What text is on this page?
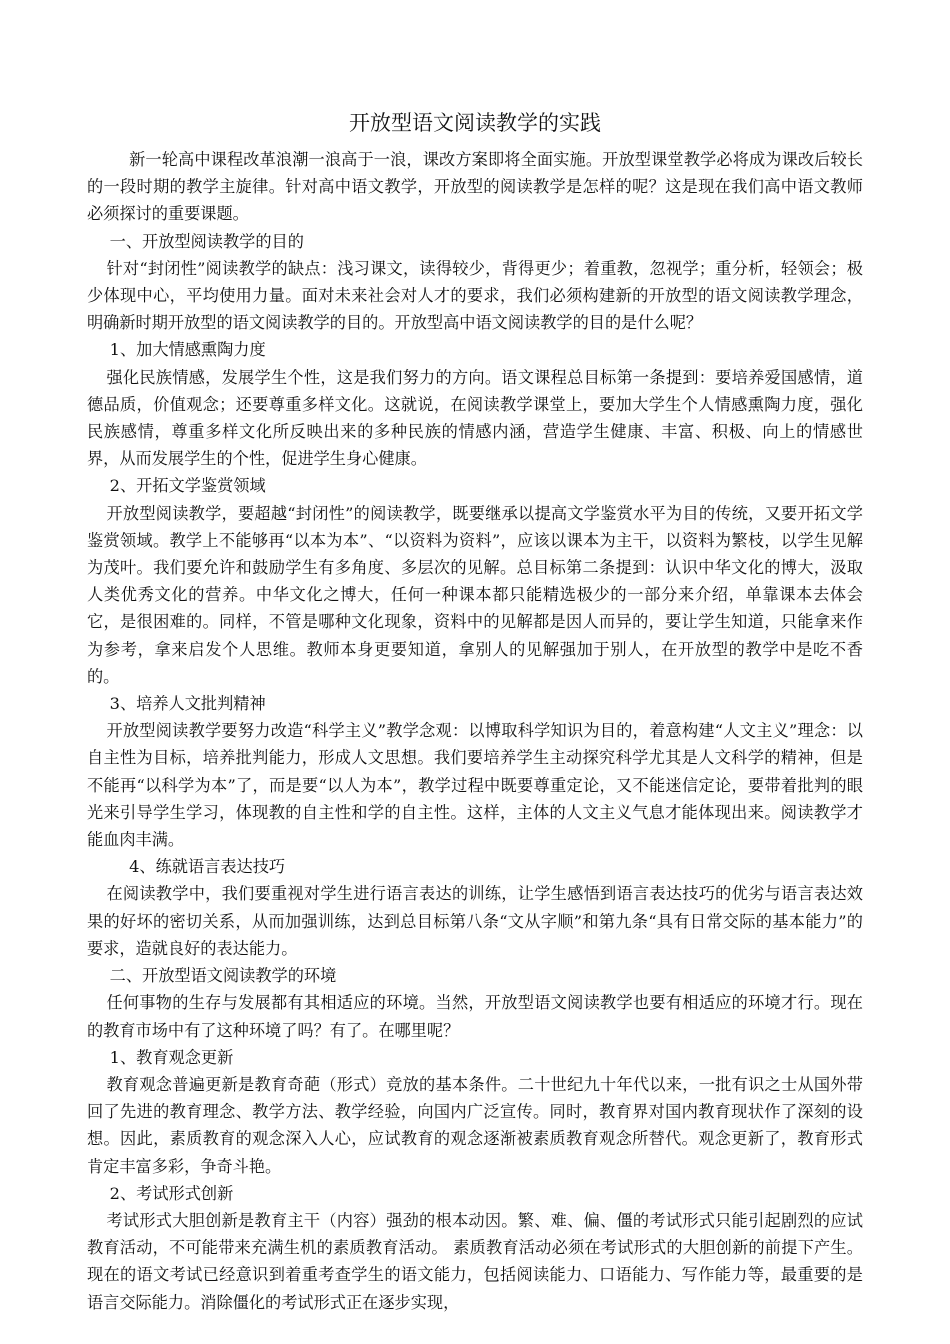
开放型语文阅读教学的实践
新一轮高中课程改革浪潮一浪高于一浪，课改方案即将全面实施。开放型课堂教学必将成为课改后较长的一段时期的教学主旋律。针对高中语文教学，开放型的阅读教学是怎样的呢？这是现在我们高中语文教师必须探讨的重要课题。
一、开放型阅读教学的目的
针对“封闭性”阅读教学的缺点：浅习课文，读得较少，背得更少；着重教，忽视学；重分析，轻领会；极少体现中心，平均使用力量。面对未来社会对人才的要求，我们必须构建新的开放型的语文阅读教学理念，明确新时期开放型的语文阅读教学的目的。开放型高中语文阅读教学的目的是什么呢？
1、加大情感熏陶力度
强化民族情感，发展学生个性，这是我们努力的方向。语文课程总目标第一条提到：要培养爱国感情，道德品质，价值观念；还要尊重多样文化。这就说，在阅读教学课堂上，要加大学生个人情感熏陶力度，强化民族感情，尊重多样文化所反映出来的多种民族的情感内涵，营造学生健康、丰富、积极、向上的情感世界，从而发展学生的个性，促进学生身心健康。
2、开拓文学鉴赏领域
开放型阅读教学，要超越“封闭性”的阅读教学，既要继承以提高文学鉴赏水平为目的传统，又要开拓文学鉴赏领域。教学上不能够再“以本为本”、“以资料为资料”，应该以课本为主干，以资料为繁枝，以学生见解为茂叶。我们要允许和鼓励学生有多角度、多层次的见解。总目标第二条提到：认识中华文化的博大，汲取人类优秀文化的营养。中华文化之博大，任何一种课本都只能精选极少的一部分来介绍，单靠课本去体会它，是很困难的。同样，不管是哪种文化现象，资料中的见解都是因人而异的，要让学生知道，只能拿来作为参考，拿来启发个人思维。教师本身更要知道，拿别人的见解强加于别人，在开放型的教学中是吃不香的。
3、培养人文批判精神
开放型阅读教学要努力改造“科学主义”教学念观：以博取科学知识为目的，着意构建“人文主义”理念：以自主性为目标，培养批判能力，形成人文思想。我们要培养学生主动探究科学尤其是人文科学的精神，但是不能再“以科学为本”了，而是要“以人为本”，教学过程中既要尊重定论，又不能迷信定论，要带着批判的眼光来引导学生学习，体现教的自主性和学的自主性。这样，主体的人文主义气息才能体现出来。阅读教学才能血肉丰满。
4、练就语言表达技巧
在阅读教学中，我们要重视对学生进行语言表达的训练，让学生感悟到语言表达技巧的优劣与语言表达效果的好坏的密切关系，从而加强训练，达到总目标第八条“文从字顺”和第九条“具有日常交际的基本能力”的要求，造就良好的表达能力。
二、开放型语文阅读教学的环境
任何事物的生存与发展都有其相适应的环境。当然，开放型语文阅读教学也要有相适应的环境才行。现在的教育市场中有了这种环境了吗？有了。在哪里呢？
1、教育观念更新
教育观念普遍更新是教育奇葩（形式）竞放的基本条件。二十世纪九十年代以来，一批有识之士从国外带回了先进的教育理念、教学方法、教学经验，向国内广泛宣传。同时，教育界对国内教育现状作了深刻的设想。因此，素质教育的观念深入人心，应试教育的观念逐渐被素质教育观念所替代。观念更新了，教育形式肯定丰富多彩，争奇斗艳。
2、考试形式创新
考试形式大胆创新是教育主干（内容）强劲的根本动因。繁、难、偏、僵的考试形式只能引起剧烈的应试教育活动，不可能带来充满生机的素质教育活动。 素质教育活动必须在考试形式的大胆创新的前提下产生。现在的语文考试已经意识到着重考查学生的语文能力，包括阅读能力、口语能力、写作能力等，最重要的是语言交际能力。消除僵化的考试形式正在逐步实现，
